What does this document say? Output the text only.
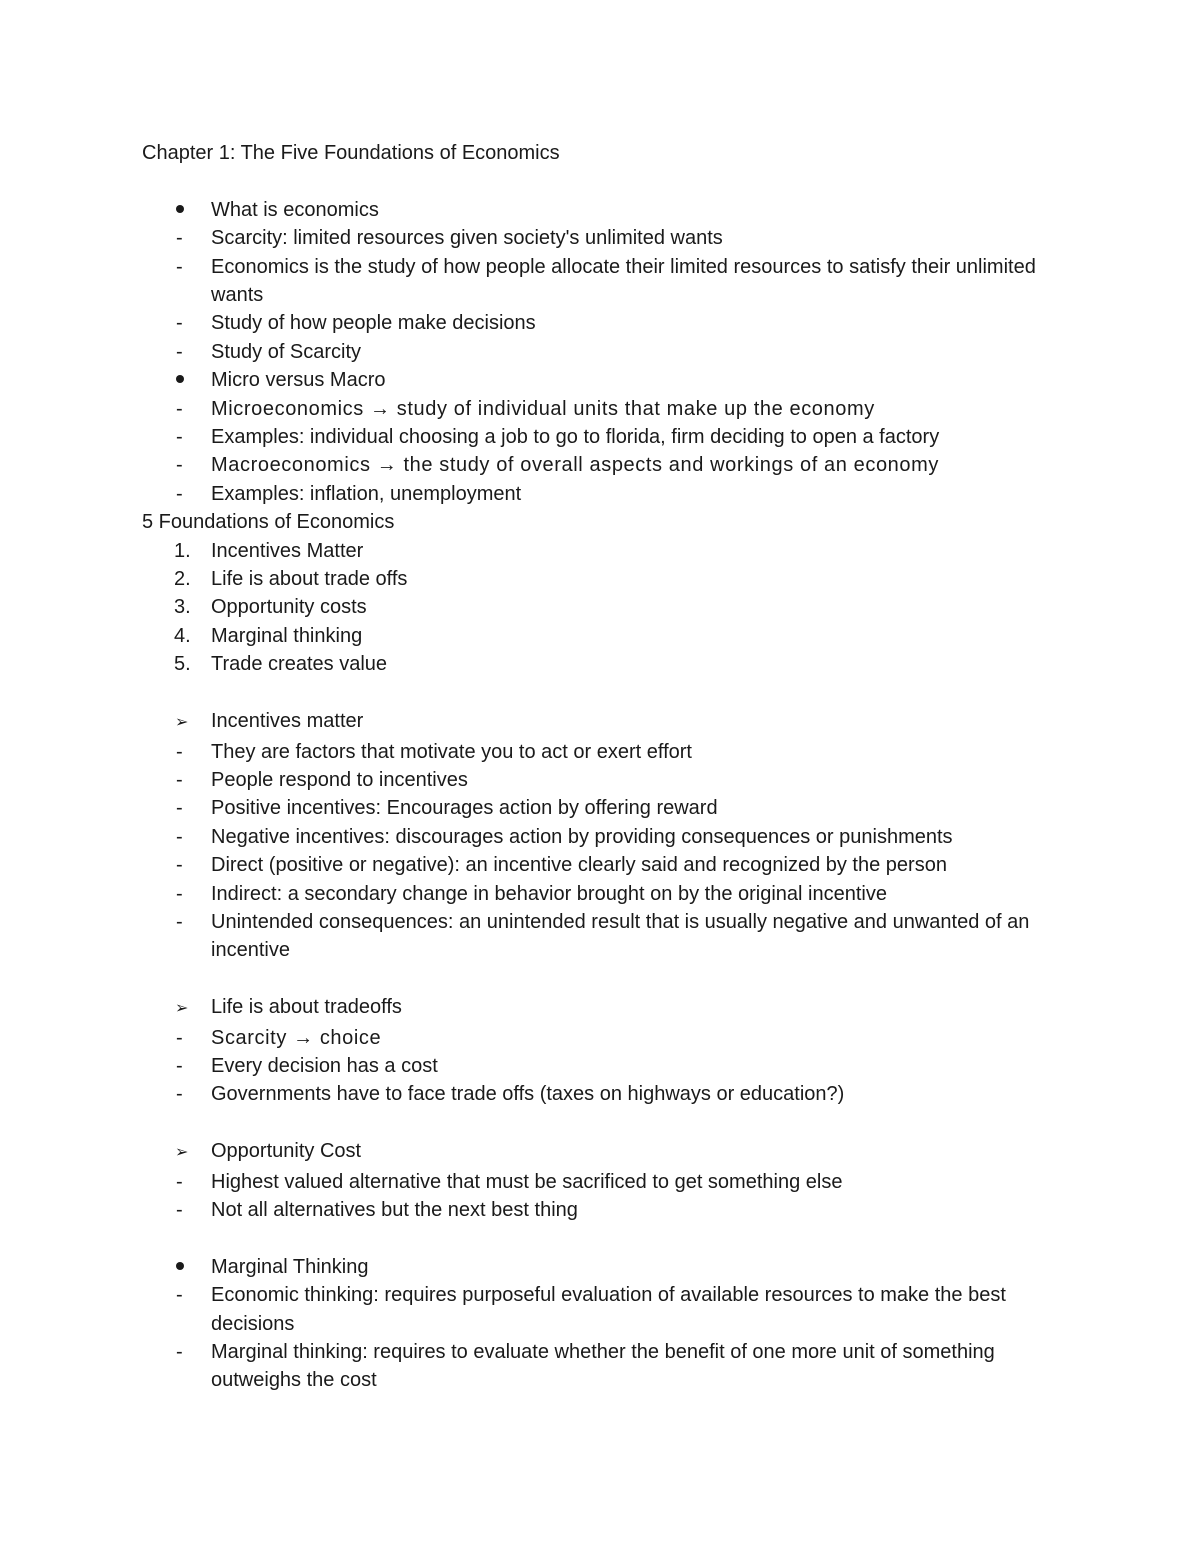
Chapter 1: The Five Foundations of Economics

What is economics
-	Scarcity: limited resources given society's unlimited wants
-	Economics is the study of how people allocate their limited resources to satisfy their unlimited wants
-	Study of how people make decisions
-	Study of Scarcity
Micro versus Macro
-	Microeconomics → study of individual units that make up the economy
-	Examples: individual choosing a job to go to florida, firm deciding to open a factory
-	Macroeconomics → the study of overall aspects and workings of an economy
-	Examples: inflation, unemployment

5 Foundations of Economics

1.	Incentives Matter
2.	Life is about trade offs
3.	Opportunity costs
4.	Marginal thinking
5.	Trade creates value
➢	Incentives matter
-	They are factors that motivate you to act or exert effort
-	People respond to incentives
-	Positive incentives: Encourages action by offering reward
-	Negative incentives: discourages action by providing consequences or punishments
-	Direct (positive or negative): an incentive clearly said and recognized by the person
-	Indirect: a secondary change in behavior brought on by the original incentive
-	Unintended consequences: an unintended result that is usually negative and unwanted of an incentive
➢	Life is about tradeoffs
-	Scarcity → choice
-	Every decision has a cost
-	Governments have to face trade offs (taxes on highways or education?)
➢	Opportunity Cost
-	Highest valued alternative that must be sacrificed to get something else
-	Not all alternatives but the next best thing
Marginal Thinking
-	Economic thinking: requires purposeful evaluation of available resources to make the best decisions
-	Marginal thinking: requires to evaluate whether the benefit of one more unit of something outweighs the cost
